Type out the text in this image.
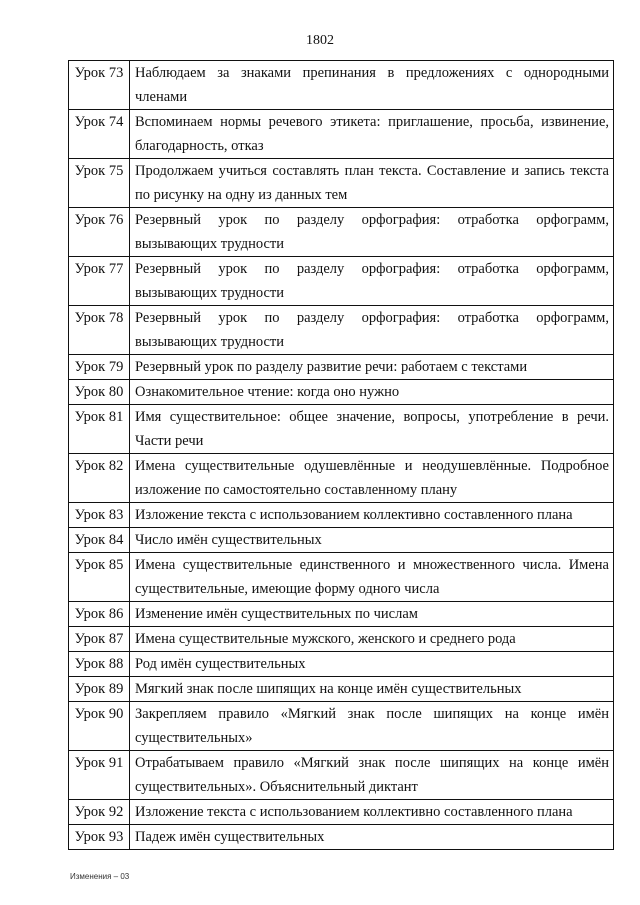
1802
Урок 73	Наблюдаем за знаками препинания в предложениях с однородными членами
Урок 74	Вспоминаем нормы речевого этикета: приглашение, просьба, извинение, благодарность, отказ
Урок 75	Продолжаем учиться составлять план текста. Составление и запись текста по рисунку на одну из данных тем
Урок 76	Резервный урок по разделу орфография: отработка орфограмм, вызывающих трудности
Урок 77	Резервный урок по разделу орфография: отработка орфограмм, вызывающих трудности
Урок 78	Резервный урок по разделу орфография: отработка орфограмм, вызывающих трудности
Урок 79	Резервный урок по разделу развитие речи: работаем с текстами
Урок 80	Ознакомительное чтение: когда оно нужно
Урок 81	Имя существительное: общее значение, вопросы, употребление в речи. Части речи
Урок 82	Имена существительные одушевлённые и неодушевлённые. Подробное изложение по самостоятельно составленному плану
Урок 83	Изложение текста с использованием коллективно составленного плана
Урок 84	Число имён существительных
Урок 85	Имена существительные единственного и множественного числа. Имена существительные, имеющие форму одного числа
Урок 86	Изменение имён существительных по числам
Урок 87	Имена существительные мужского, женского и среднего рода
Урок 88	Род имён существительных
Урок 89	Мягкий знак после шипящих на конце имён существительных
Урок 90	Закрепляем правило «Мягкий знак после шипящих на конце имён существительных»
Урок 91	Отрабатываем правило «Мягкий знак после шипящих на конце имён существительных». Объяснительный диктант
Урок 92	Изложение текста с использованием коллективно составленного плана
Урок 93	Падеж имён существительных
Изменения – 03
